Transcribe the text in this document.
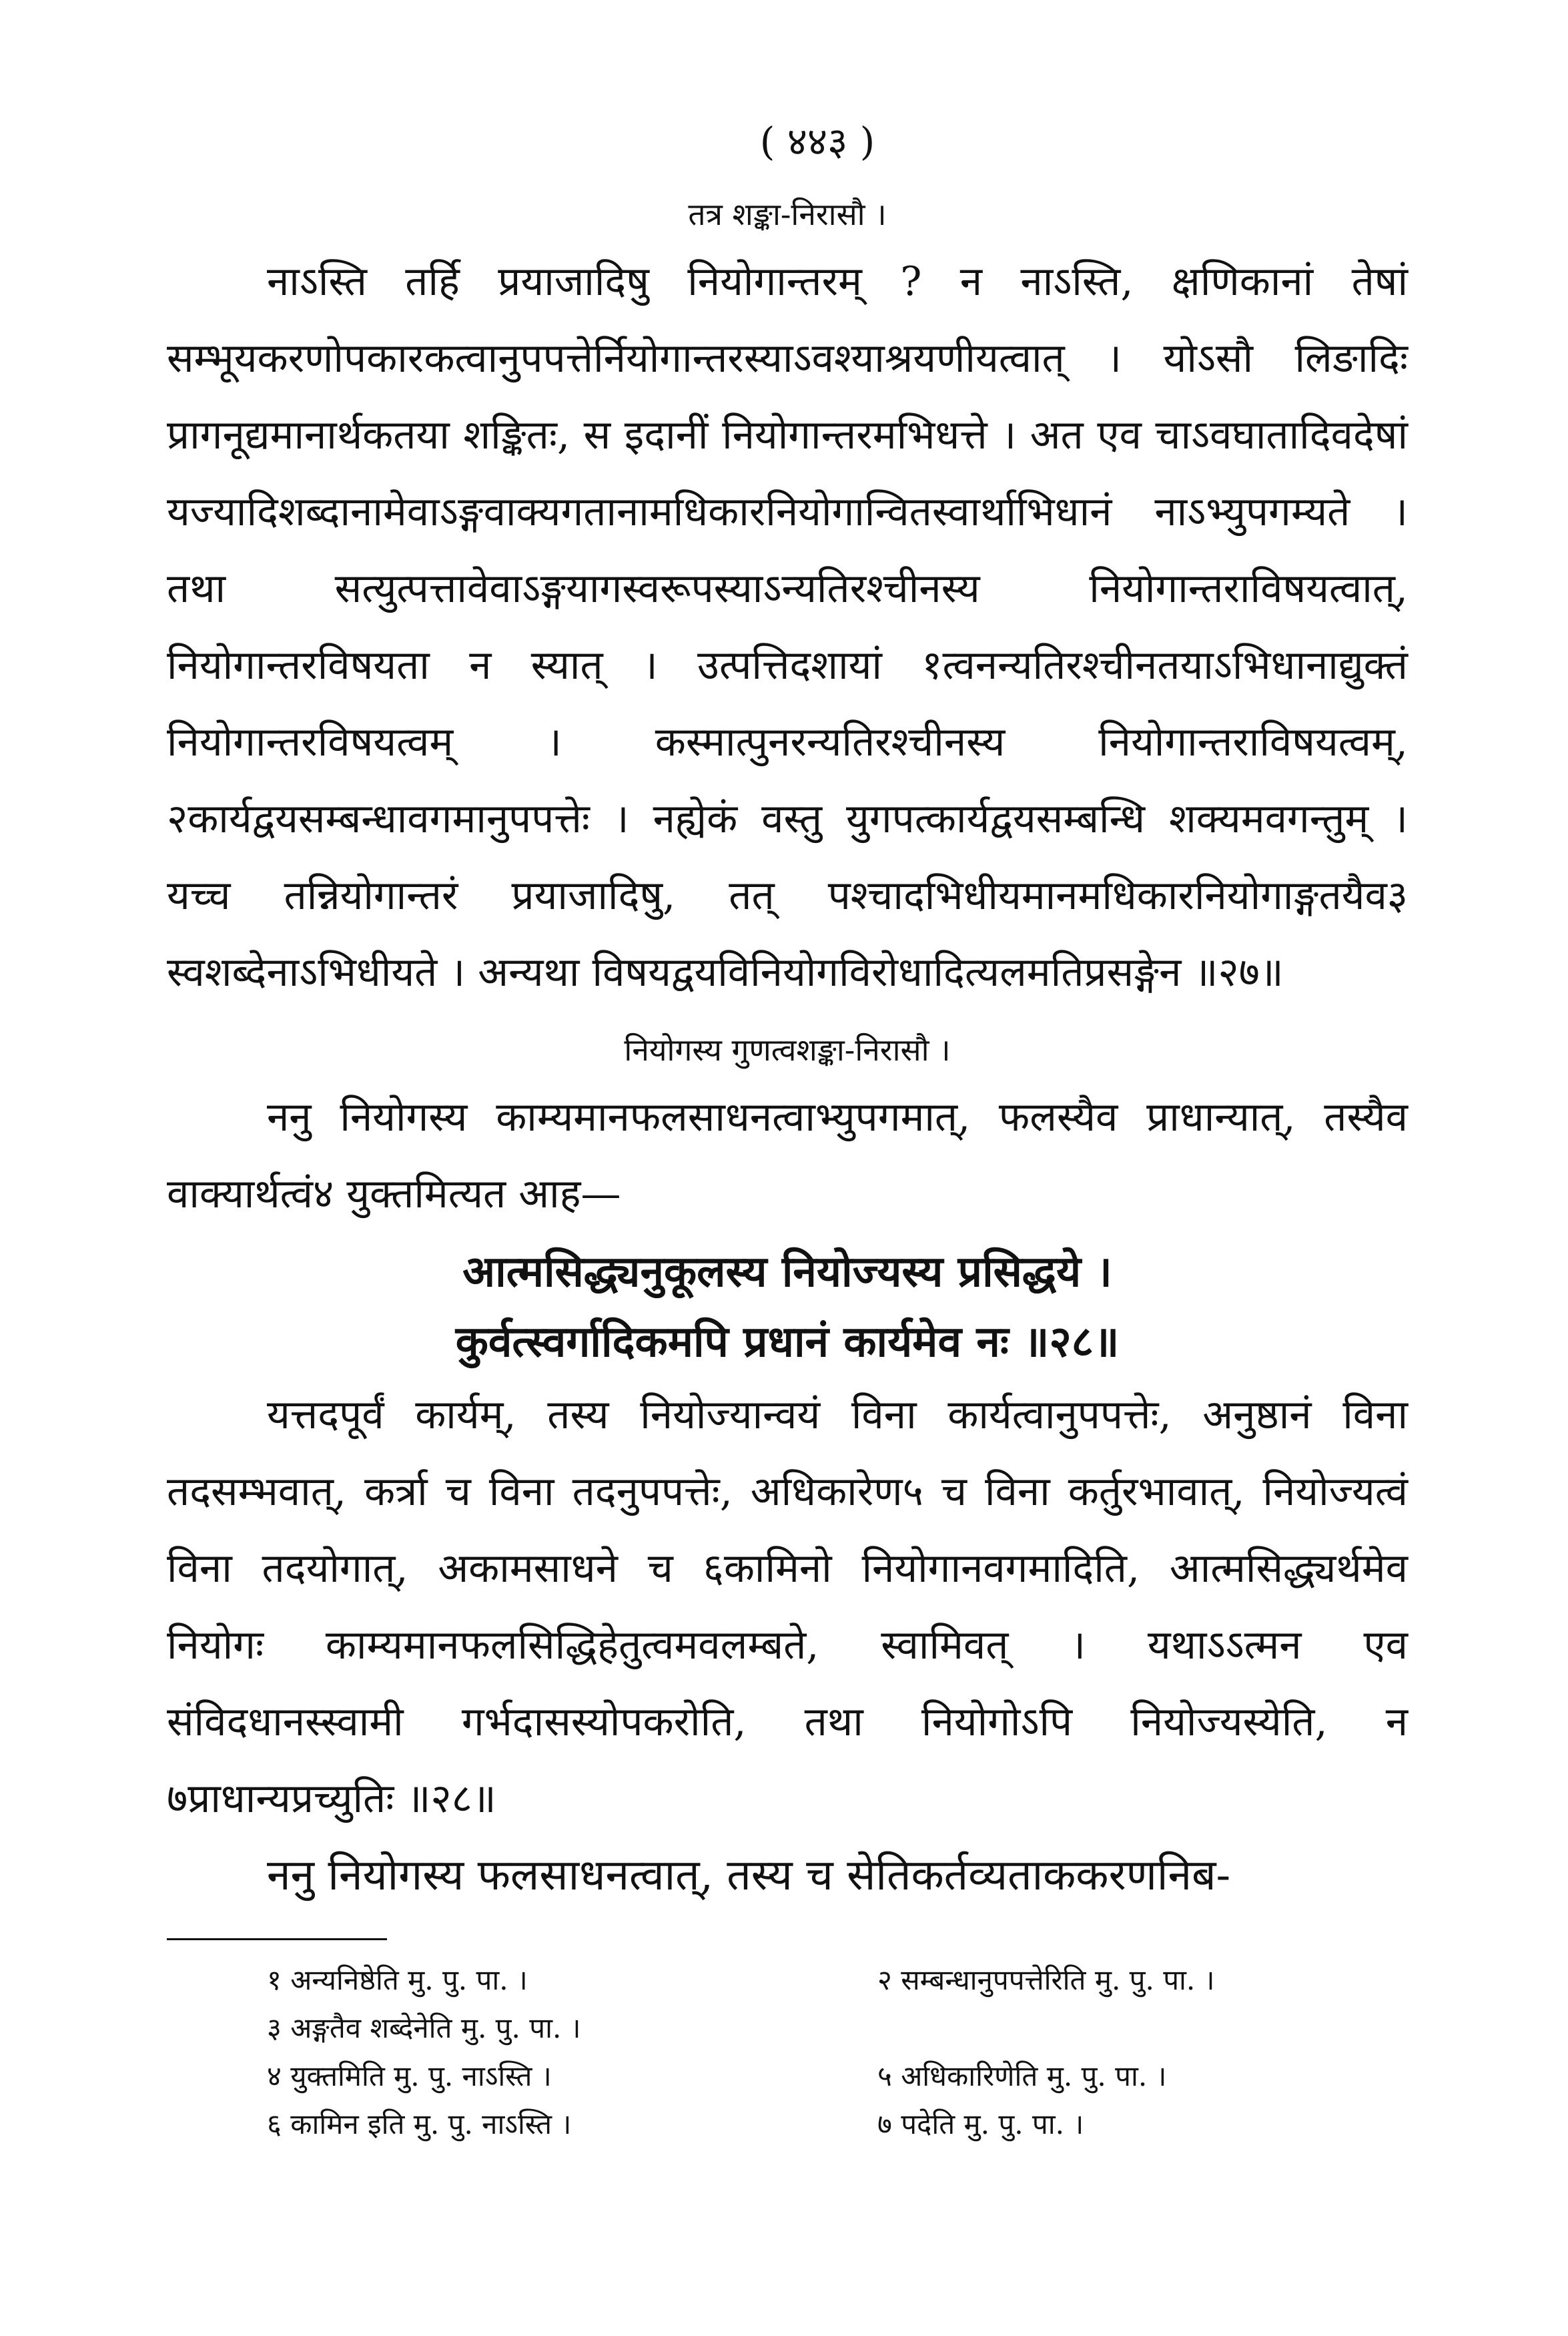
( ४४३ )
तत्र शङ्का-निरासौ ।

नाऽस्ति तर्हि प्रयाजादिषु नियोगान्तरम् ? न नाऽस्ति, क्षणिकानां तेषां सम्भूयकरणोपकारकत्वानुपपत्तेर्नियोगान्तरस्याऽवश्याश्रयणीयत्वात् । योऽसौ लिङादिः प्रागनूद्यमानार्थकतया शङ्कितः, स इदानीं नियोगान्तरमभिधत्ते । अत एव चाऽवघातादिवदेषां यज्यादिशब्दानामेवाऽङ्गवाक्यगतानामधिकारनियोगान्वितस्वार्थाभिधानं नाऽभ्युपगम्यते । तथा सत्युत्पत्तावेवाऽङ्गयागस्वरूपस्याऽन्यतिरश्चीनस्य नियोगान्तराविषयत्वात्, नियोगान्तरविषयता न स्यात् । उत्पत्तिदशायां १त्वनन्यतिरश्चीनतयाऽभिधानाद्युक्तं नियोगान्तरविषयत्वम् । कस्मात्पुनरन्यतिरश्चीनस्य नियोगान्तराविषयत्वम्, २कार्यद्वयसम्बन्धावगमानुपपत्तेः । नह्येकं वस्तु युगपत्कार्यद्वयसम्बन्धि शक्यमवगन्तुम् । यच्च तन्नियोगान्तरं प्रयाजादिषु, तत् पश्चादभिधीयमानमधिकारनियोगाङ्गतयैव३ स्वशब्देनाऽभिधीयते । अन्यथा विषयद्वयविनियोगविरोधादित्यलमतिप्रसङ्गेन ॥२७॥

नियोगस्य गुणत्वशङ्का-निरासौ ।

ननु नियोगस्य काम्यमानफलसाधनत्वाभ्युपगमात्, फलस्यैव प्राधान्यात्, तस्यैव वाक्यार्थत्वं४ युक्तमित्यत आह—

आत्मसिद्ध्यनुकूलस्य नियोज्यस्य प्रसिद्धये ।

कुर्वत्स्वर्गादिकमपि प्रधानं कार्यमेव नः ॥२८॥

यत्तदपूर्वं कार्यम्, तस्य नियोज्यान्वयं विना कार्यत्वानुपपत्तेः, अनुष्ठानं विना तदसम्भवात्, कर्त्रा च विना तदनुपपत्तेः, अधिकारेण५ च विना कर्तुरभावात्, नियोज्यत्वं विना तदयोगात्, अकामसाधने च ६कामिनो नियोगानवगमादिति, आत्मसिद्ध्यर्थमेव नियोगः काम्यमानफलसिद्धिहेतुत्वमवलम्बते, स्वामिवत् । यथाऽऽत्मन एव संविदधानस्स्वामी गर्भदासस्योपकरोति, तथा नियोगोऽपि नियोज्यस्येति, न ७प्राधान्यप्रच्युतिः ॥२८॥

ननु नियोगस्य फलसाधनत्वात्, तस्य च सेतिकर्तव्यताककरणनिब-

१ अन्यनिष्ठेति मु. पु. पा. ।	२ सम्बन्धानुपपत्तेरिति मु. पु. पा. ।
३ अङ्गतैव शब्देनेति मु. पु. पा. ।
४ युक्तमिति मु. पु. नाऽस्ति ।	५ अधिकारिणेति मु. पु. पा. ।
६ कामिन इति मु. पु. नाऽस्ति ।	७ पदेति मु. पु. पा. ।
